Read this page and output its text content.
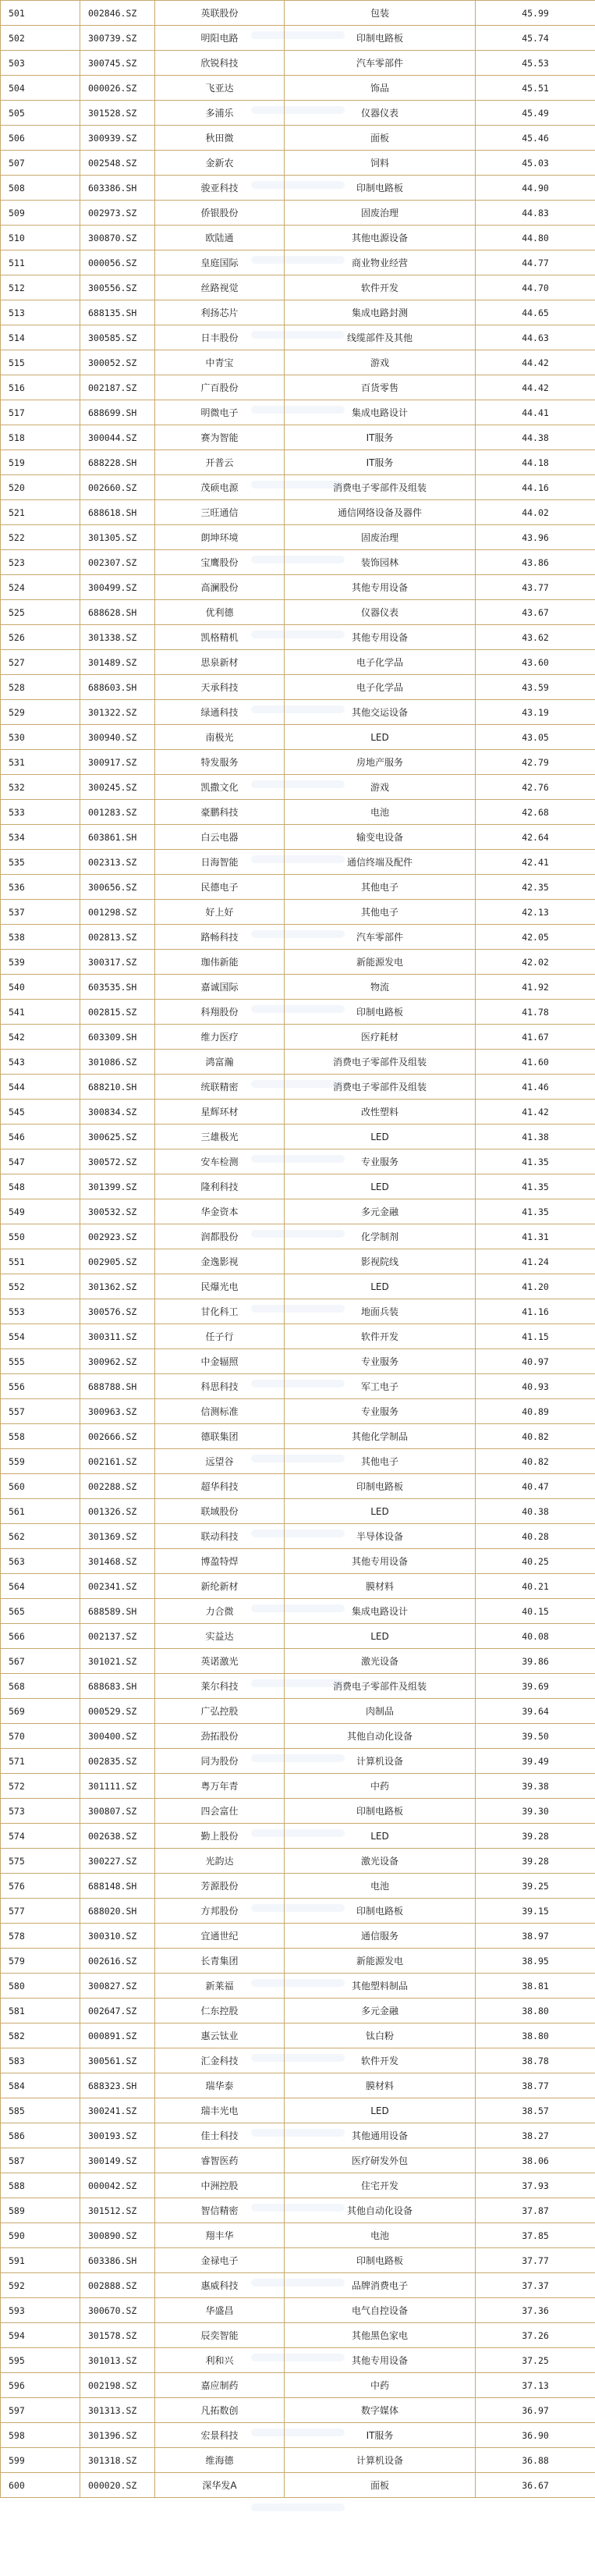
501	002846.SZ	英联股份	包装	45.99
502	300739.SZ	明阳电路	印制电路板	45.74
503	300745.SZ	欣锐科技	汽车零部件	45.53
504	000026.SZ	飞亚达	饰品	45.51
505	301528.SZ	多浦乐	仪器仪表	45.49
506	300939.SZ	秋田微	面板	45.46
507	002548.SZ	金新农	饲料	45.03
508	603386.SH	骏亚科技	印制电路板	44.90
509	002973.SZ	侨银股份	固废治理	44.83
510	300870.SZ	欧陆通	其他电源设备	44.80
511	000056.SZ	皇庭国际	商业物业经营	44.77
512	300556.SZ	丝路视觉	软件开发	44.70
513	688135.SH	利扬芯片	集成电路封测	44.65
514	300585.SZ	日丰股份	线缆部件及其他	44.63
515	300052.SZ	中青宝	游戏	44.42
516	002187.SZ	广百股份	百货零售	44.42
517	688699.SH	明微电子	集成电路设计	44.41
518	300044.SZ	赛为智能	IT服务	44.38
519	688228.SH	开普云	IT服务	44.18
520	002660.SZ	茂硕电源	消费电子零部件及组装	44.16
521	688618.SH	三旺通信	通信网络设备及器件	44.02
522	301305.SZ	朗坤环境	固废治理	43.96
523	002307.SZ	宝鹰股份	装饰园林	43.86
524	300499.SZ	高澜股份	其他专用设备	43.77
525	688628.SH	优利德	仪器仪表	43.67
526	301338.SZ	凯格精机	其他专用设备	43.62
527	301489.SZ	思泉新材	电子化学品	43.60
528	688603.SH	天承科技	电子化学品	43.59
529	301322.SZ	绿通科技	其他交运设备	43.19
530	300940.SZ	南极光	LED	43.05
531	300917.SZ	特发服务	房地产服务	42.79
532	300245.SZ	凯撒文化	游戏	42.76
533	001283.SZ	豪鹏科技	电池	42.68
534	603861.SH	白云电器	输变电设备	42.64
535	002313.SZ	日海智能	通信终端及配件	42.41
536	300656.SZ	民德电子	其他电子	42.35
537	001298.SZ	好上好	其他电子	42.13
538	002813.SZ	路畅科技	汽车零部件	42.05
539	300317.SZ	珈伟新能	新能源发电	42.02
540	603535.SH	嘉诚国际	物流	41.92
541	002815.SZ	科翔股份	印制电路板	41.78
542	603309.SH	维力医疗	医疗耗材	41.67
543	301086.SZ	鸿富瀚	消费电子零部件及组装	41.60
544	688210.SH	统联精密	消费电子零部件及组装	41.46
545	300834.SZ	星辉环材	改性塑料	41.42
546	300625.SZ	三雄极光	LED	41.38
547	300572.SZ	安车检测	专业服务	41.35
548	301399.SZ	隆利科技	LED	41.35
549	300532.SZ	华金资本	多元金融	41.35
550	002923.SZ	润都股份	化学制剂	41.31
551	002905.SZ	金逸影视	影视院线	41.24
552	301362.SZ	民爆光电	LED	41.20
553	300576.SZ	甘化科工	地面兵装	41.16
554	300311.SZ	任子行	软件开发	41.15
555	300962.SZ	中金辐照	专业服务	40.97
556	688788.SH	科思科技	军工电子	40.93
557	300963.SZ	信测标准	专业服务	40.89
558	002666.SZ	德联集团	其他化学制品	40.82
559	002161.SZ	远望谷	其他电子	40.82
560	002288.SZ	超华科技	印制电路板	40.47
561	001326.SZ	联域股份	LED	40.38
562	301369.SZ	联动科技	半导体设备	40.28
563	301468.SZ	博盈特焊	其他专用设备	40.25
564	002341.SZ	新纶新材	膜材料	40.21
565	688589.SH	力合微	集成电路设计	40.15
566	002137.SZ	实益达	LED	40.08
567	301021.SZ	英诺激光	激光设备	39.86
568	688683.SH	莱尔科技	消费电子零部件及组装	39.69
569	000529.SZ	广弘控股	肉制品	39.64
570	300400.SZ	劲拓股份	其他自动化设备	39.50
571	002835.SZ	同为股份	计算机设备	39.49
572	301111.SZ	粤万年青	中药	39.38
573	300807.SZ	四会富仕	印制电路板	39.30
574	002638.SZ	勤上股份	LED	39.28
575	300227.SZ	光韵达	激光设备	39.28
576	688148.SH	芳源股份	电池	39.25
577	688020.SH	方邦股份	印制电路板	39.15
578	300310.SZ	宜通世纪	通信服务	38.97
579	002616.SZ	长青集团	新能源发电	38.95
580	300827.SZ	新莱福	其他塑料制品	38.81
581	002647.SZ	仁东控股	多元金融	38.80
582	000891.SZ	惠云钛业	钛白粉	38.80
583	300561.SZ	汇金科技	软件开发	38.78
584	688323.SH	瑞华泰	膜材料	38.77
585	300241.SZ	瑞丰光电	LED	38.57
586	300193.SZ	佳士科技	其他通用设备	38.27
587	300149.SZ	睿智医药	医疗研发外包	38.06
588	000042.SZ	中洲控股	住宅开发	37.93
589	301512.SZ	智信精密	其他自动化设备	37.87
590	300890.SZ	翔丰华	电池	37.85
591	603386.SH	金禄电子	印制电路板	37.77
592	002888.SZ	惠威科技	品牌消费电子	37.37
593	300670.SZ	华盛昌	电气自控设备	37.36
594	301578.SZ	辰奕智能	其他黑色家电	37.26
595	301013.SZ	利和兴	其他专用设备	37.25
596	002198.SZ	嘉应制药	中药	37.13
597	301313.SZ	凡拓数创	数字媒体	36.97
598	301396.SZ	宏景科技	IT服务	36.90
599	301318.SZ	维海德	计算机设备	36.88
600	000020.SZ	深华发A	面板	36.67
